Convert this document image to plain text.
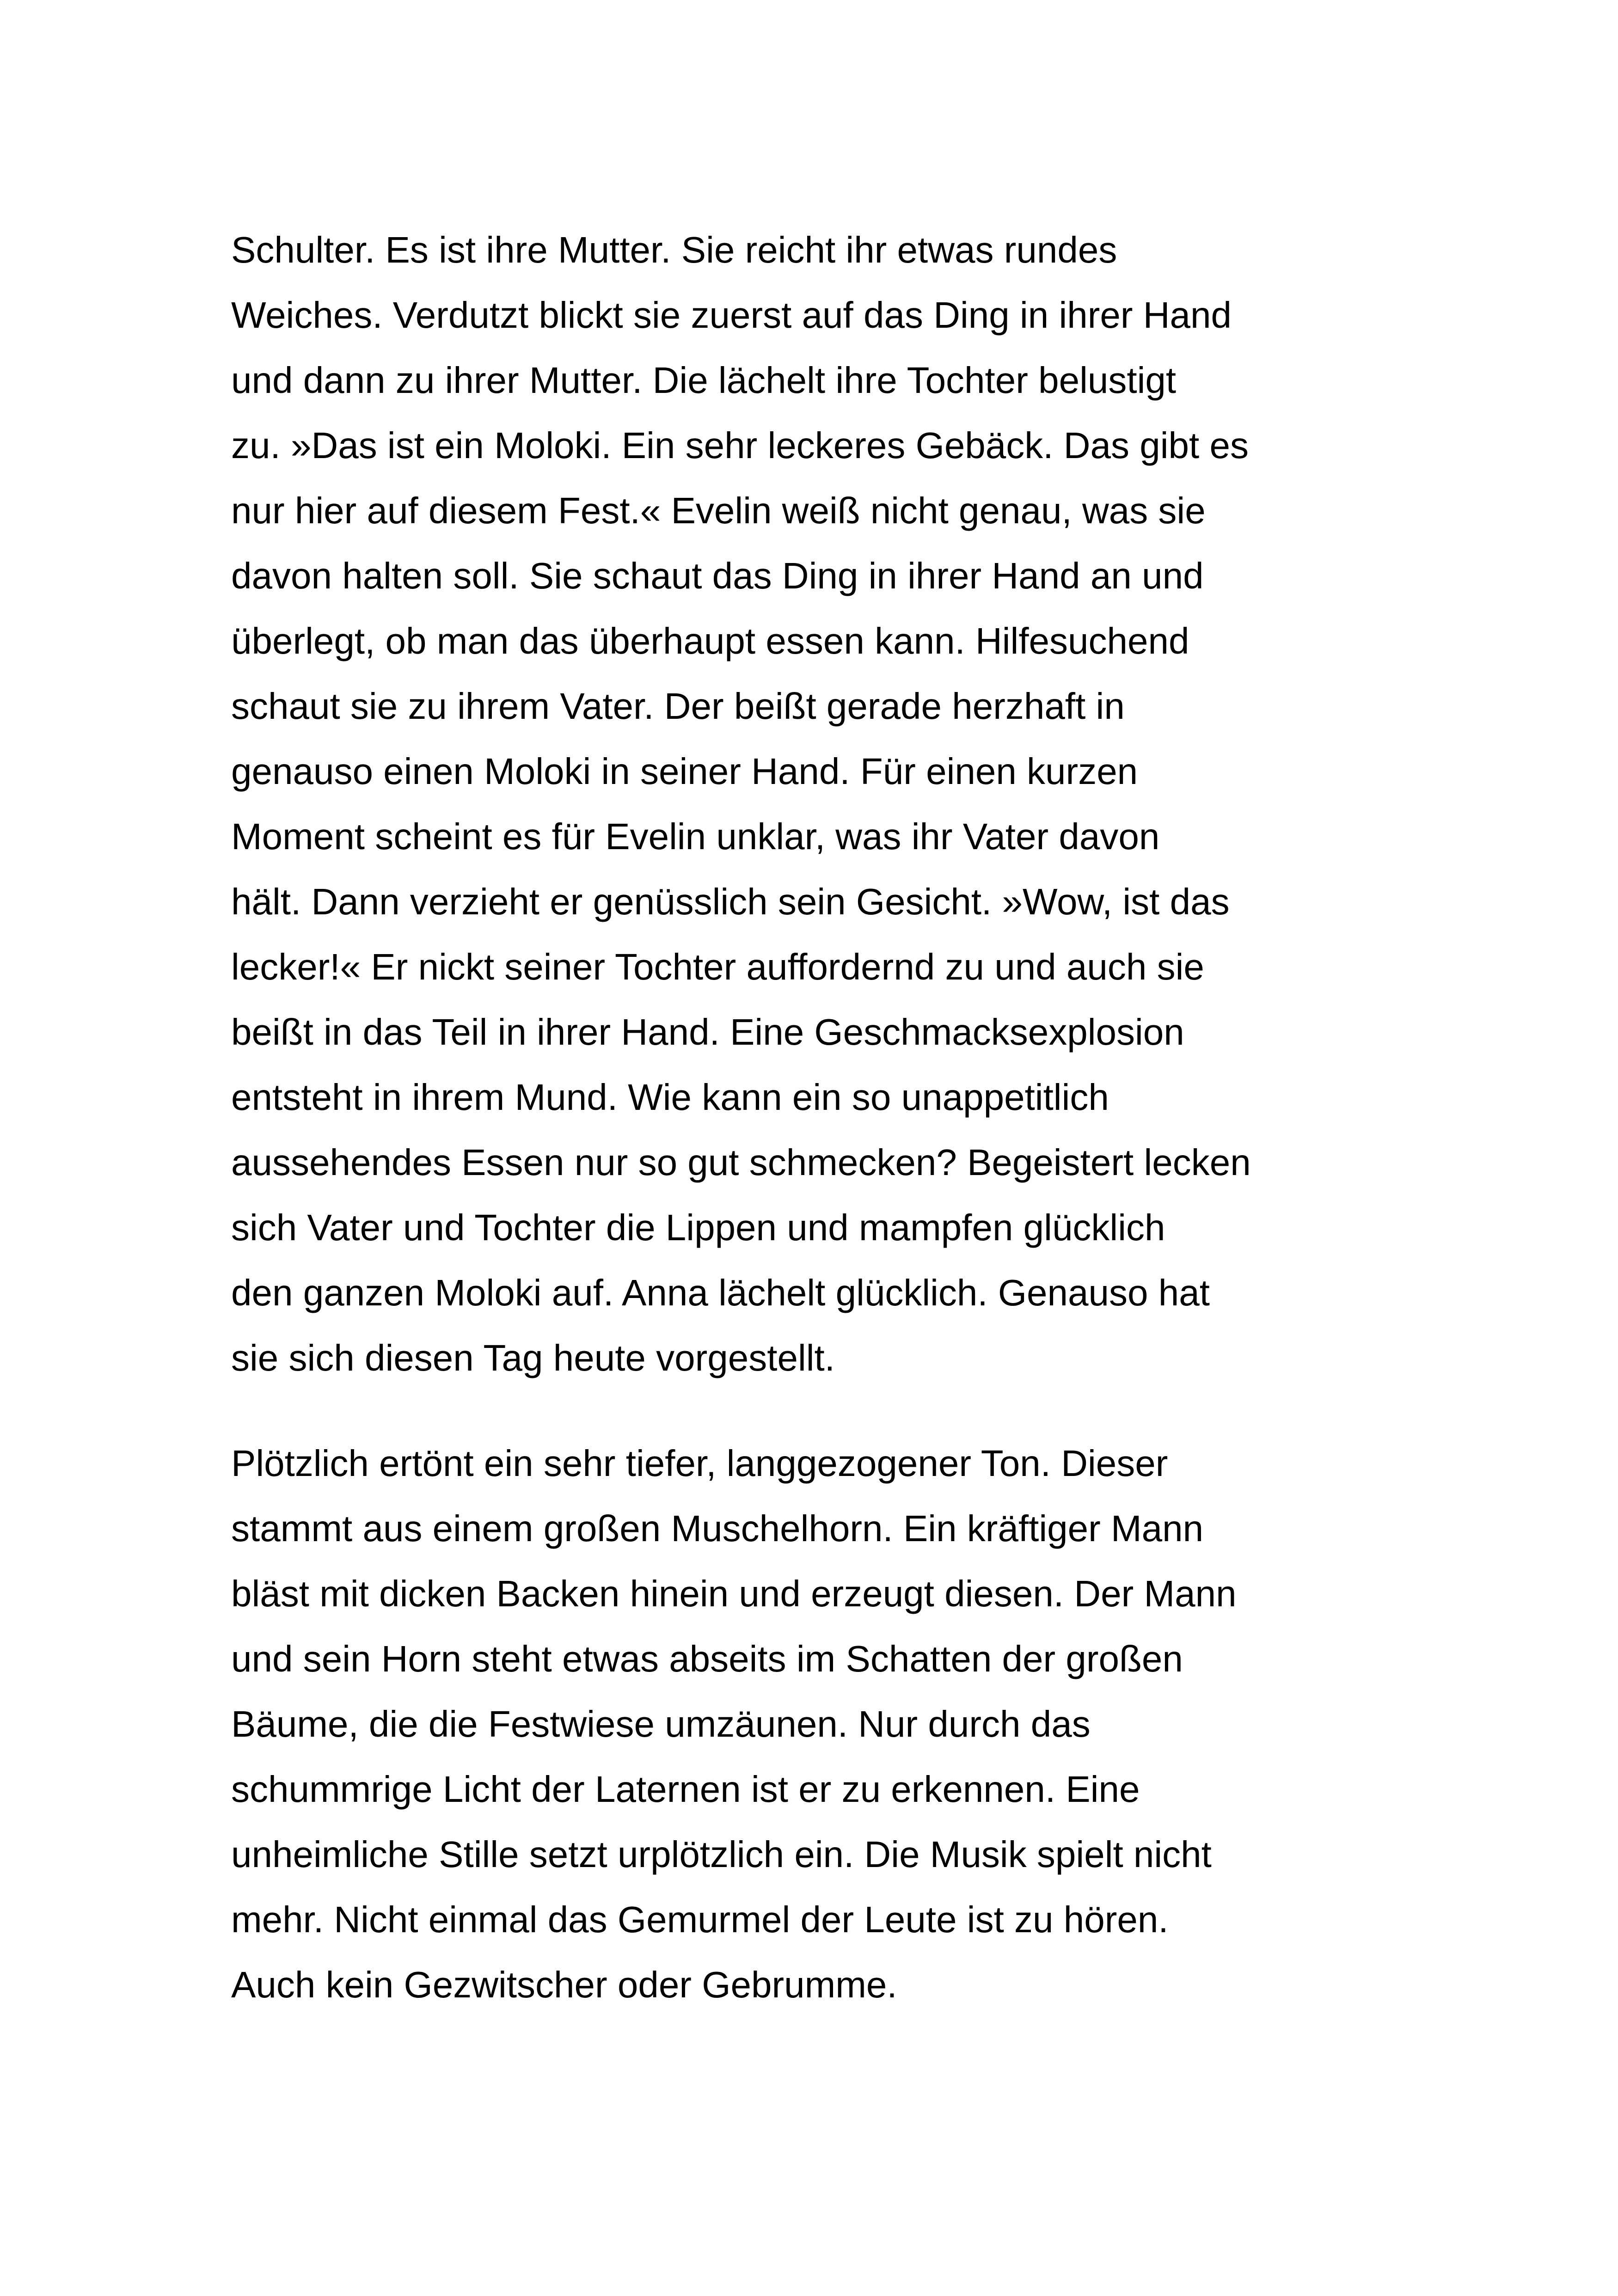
Schulter. Es ist ihre Mutter. Sie reicht ihr etwas rundes
Weiches. Verdutzt blickt sie zuerst auf das Ding in ihrer Hand
und dann zu ihrer Mutter. Die lächelt ihre Tochter belustigt
zu. »Das ist ein Moloki. Ein sehr leckeres Gebäck. Das gibt es
nur hier auf diesem Fest.« Evelin weiß nicht genau, was sie
davon halten soll. Sie schaut das Ding in ihrer Hand an und
überlegt, ob man das überhaupt essen kann. Hilfesuchend
schaut sie zu ihrem Vater. Der beißt gerade herzhaft in
genauso einen Moloki in seiner Hand. Für einen kurzen
Moment scheint es für Evelin unklar, was ihr Vater davon
hält. Dann verzieht er genüsslich sein Gesicht. »Wow, ist das
lecker!« Er nickt seiner Tochter auffordernd zu und auch sie
beißt in das Teil in ihrer Hand. Eine Geschmacksexplosion
entsteht in ihrem Mund. Wie kann ein so unappetitlich
aussehendes Essen nur so gut schmecken? Begeistert lecken
sich Vater und Tochter die Lippen und mampfen glücklich
den ganzen Moloki auf. Anna lächelt glücklich. Genauso hat
sie sich diesen Tag heute vorgestellt.

Plötzlich ertönt ein sehr tiefer, langgezogener Ton. Dieser
stammt aus einem großen Muschelhorn. Ein kräftiger Mann
bläst mit dicken Backen hinein und erzeugt diesen. Der Mann
und sein Horn steht etwas abseits im Schatten der großen
Bäume, die die Festwiese umzäunen. Nur durch das
schummrige Licht der Laternen ist er zu erkennen. Eine
unheimliche Stille setzt urplötzlich ein. Die Musik spielt nicht
mehr. Nicht einmal das Gemurmel der Leute ist zu hören.
Auch kein Gezwitscher oder Gebrumme.
